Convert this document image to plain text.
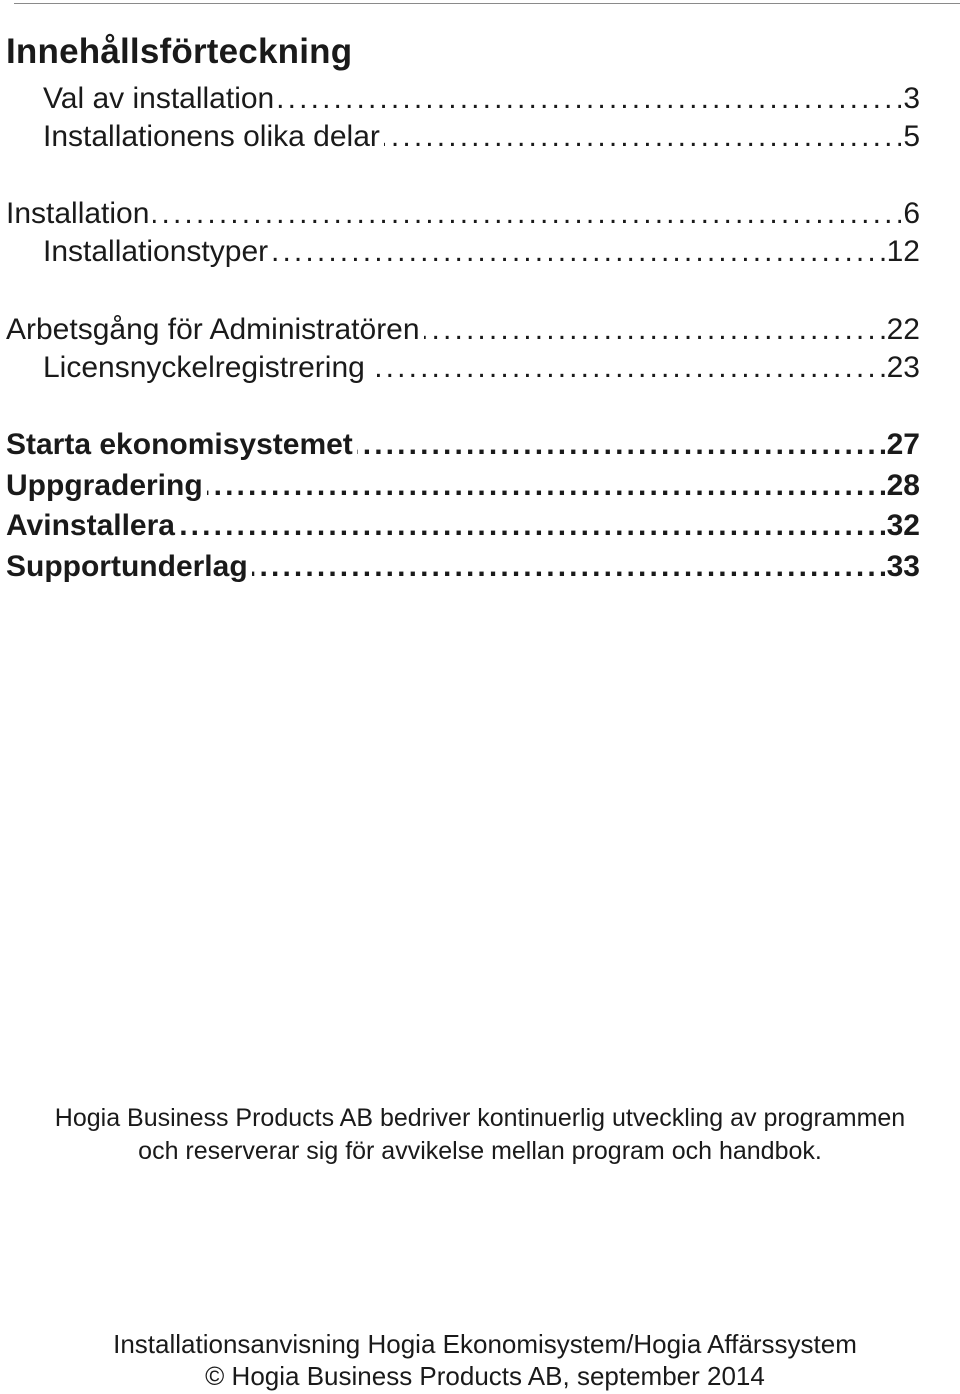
Innehållsförteckning
Val av installation . . .	3
Installationens olika delar . . .	5
Installation . . .	6
Installationstyper . . .	12
Arbetsgång för Administratören . . .	22
Licensnyckelregistrering . . .	23
Starta ekonomisystemet . . .	27
Uppgradering . . .	28
Avinstallera . . .	32
Supportunderlag . . .	33
Hogia Business Products AB bedriver kontinuerlig utveckling av programmen
och reserverar sig för avvikelse mellan program och handbok.
Installationsanvisning Hogia Ekonomisystem/Hogia Affärssystem
© Hogia Business Products AB, september 2014
